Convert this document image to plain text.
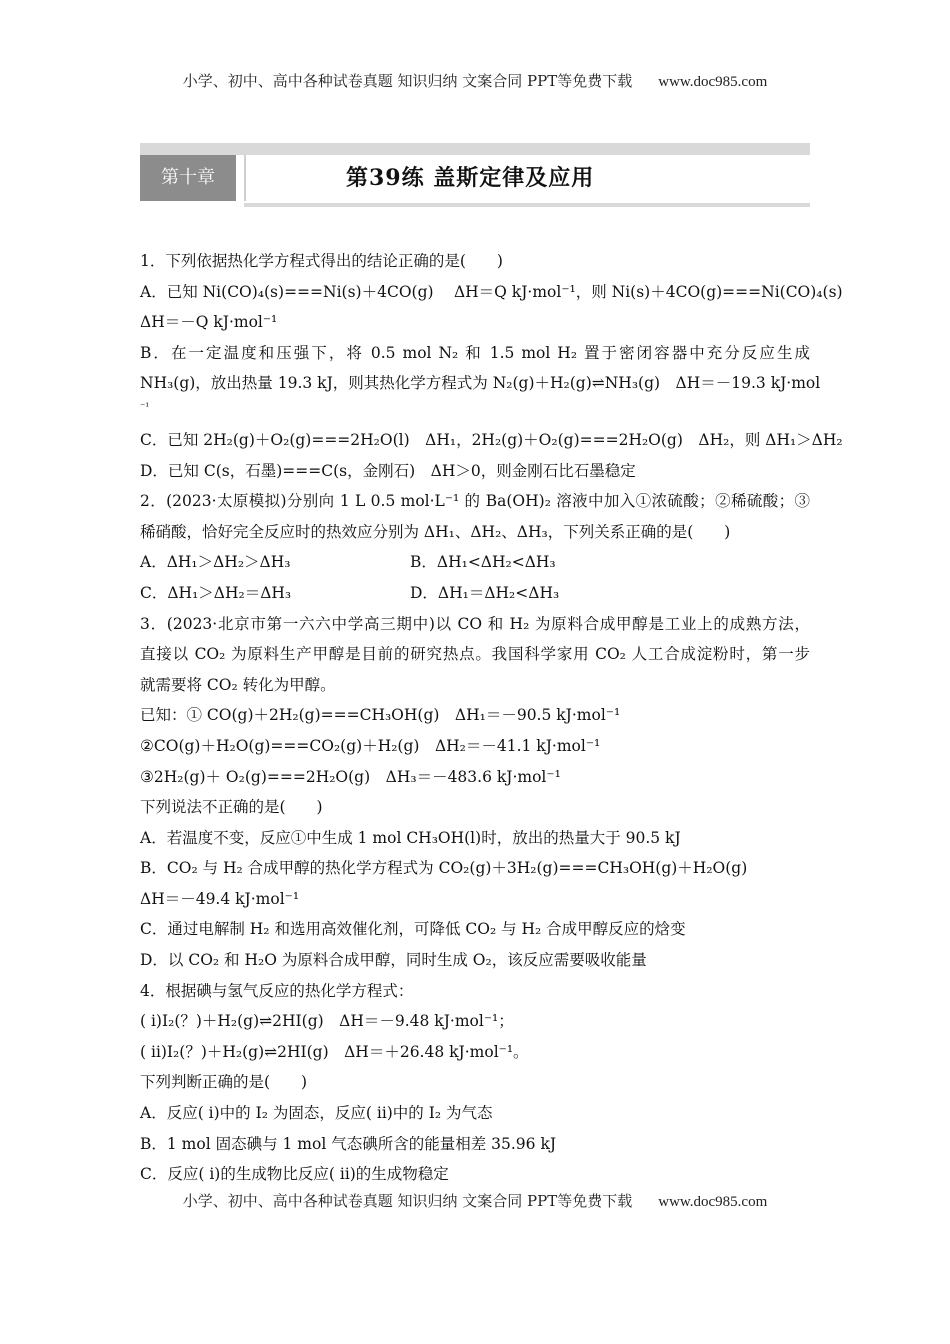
小学、初中、高中各种试卷真题 知识归纳 文案合同 PPT等免费下载 www.doc985.com
第十章	第39练 盖斯定律及应用
1．下列依据热化学方程式得出的结论正确的是(　　)
A．已知 Ni(CO)₄(s)===Ni(s)＋4CO(g)　 ΔH＝Q kJ·mol⁻¹，则 Ni(s)＋4CO(g)===Ni(CO)₄(s)
ΔH＝－Q kJ·mol⁻¹
B．在一定温度和压强下，将 0.5 mol N₂ 和 1.5 mol H₂ 置于密闭容器中充分反应生成
NH₃(g)，放出热量 19.3 kJ，则其热化学方程式为 N₂(g)＋H₂(g)⇌NH₃(g)　ΔH＝－19.3 kJ·mol
⁻¹
C．已知 2H₂(g)＋O₂(g)===2H₂O(l)　ΔH₁，2H₂(g)＋O₂(g)===2H₂O(g)　ΔH₂，则 ΔH₁＞ΔH₂
D．已知 C(s，石墨)===C(s，金刚石)　ΔH＞0，则金刚石比石墨稳定
2．(2023·太原模拟)分别向 1 L 0.5 mol·L⁻¹ 的 Ba(OH)₂ 溶液中加入①浓硫酸；②稀硫酸；③
稀硝酸，恰好完全反应时的热效应分别为 ΔH₁、ΔH₂、ΔH₃，下列关系正确的是(　　)
A．ΔH₁＞ΔH₂＞ΔH₃	B．ΔH₁<ΔH₂<ΔH₃
C．ΔH₁＞ΔH₂＝ΔH₃	D．ΔH₁＝ΔH₂<ΔH₃
3．(2023·北京市第一六六中学高三期中)以 CO 和 H₂ 为原料合成甲醇是工业上的成熟方法，
直接以 CO₂ 为原料生产甲醇是目前的研究热点。我国科学家用 CO₂ 人工合成淀粉时，第一步
就需要将 CO₂ 转化为甲醇。
已知：① CO(g)＋2H₂(g)===CH₃OH(g)　ΔH₁＝－90.5 kJ·mol⁻¹
②CO(g)＋H₂O(g)===CO₂(g)＋H₂(g)　ΔH₂＝－41.1 kJ·mol⁻¹
③2H₂(g)＋ O₂(g)===2H₂O(g)　ΔH₃＝－483.6 kJ·mol⁻¹
下列说法不正确的是(　　)
A．若温度不变，反应①中生成 1 mol CH₃OH(l)时，放出的热量大于 90.5 kJ
B．CO₂ 与 H₂ 合成甲醇的热化学方程式为 CO₂(g)＋3H₂(g)===CH₃OH(g)＋H₂O(g)
ΔH＝－49.4 kJ·mol⁻¹
C．通过电解制 H₂ 和选用高效催化剂，可降低 CO₂ 与 H₂ 合成甲醇反应的焓变
D．以 CO₂ 和 H₂O 为原料合成甲醇，同时生成 O₂，该反应需要吸收能量
4．根据碘与氢气反应的热化学方程式：
( ⅰ)I₂(？)＋H₂(g)⇌2HI(g)　ΔH＝－9.48 kJ·mol⁻¹；
( ⅱ)I₂(？)＋H₂(g)⇌2HI(g)　ΔH＝＋26.48 kJ·mol⁻¹。
下列判断正确的是(　　)
A．反应( ⅰ)中的 I₂ 为固态，反应( ⅱ)中的 I₂ 为气态
B．1 mol 固态碘与 1 mol 气态碘所含的能量相差 35.96 kJ
C．反应( ⅰ)的生成物比反应( ⅱ)的生成物稳定
小学、初中、高中各种试卷真题 知识归纳 文案合同 PPT等免费下载 www.doc985.com
